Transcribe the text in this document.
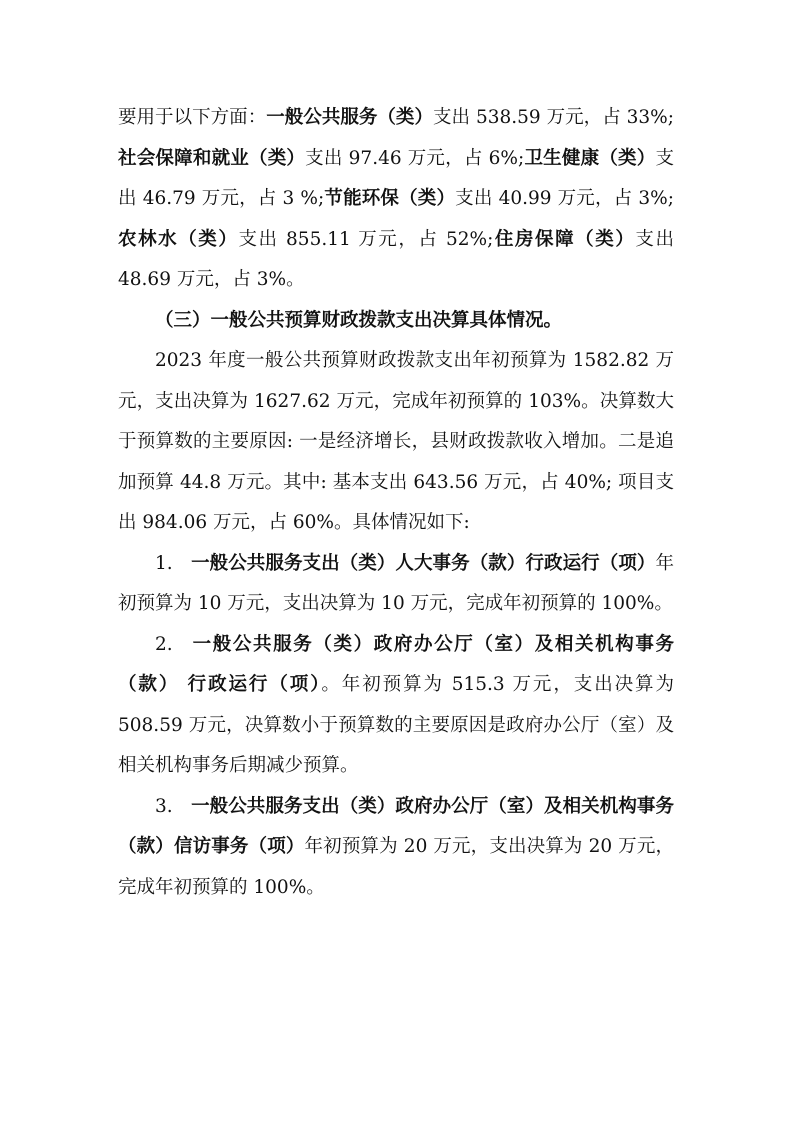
要用于以下方面：一般公共服务（类）支出 538.59 万元，占 33%;社会保障和就业（类）支出 97.46 万元，占 6%;卫生健康（类）支出 46.79 万元，占 3 %;节能环保（类）支出 40.99 万元，占 3%;农林水（类）支出 855.11 万元，占 52%;住房保障（类）支出 48.69 万元，占 3%。

（三）一般公共预算财政拨款支出决算具体情况。

2023 年度一般公共预算财政拨款支出年初预算为 1582.82 万元，支出决算为 1627.62 万元，完成年初预算的 103%。决算数大于预算数的主要原因: 一是经济增长，县财政拨款收入增加。二是追加预算 44.8 万元。其中: 基本支出 643.56 万元，占 40%; 项目支出 984.06 万元，占 60%。具体情况如下:

1. 一般公共服务支出（类）人大事务（款）行政运行（项）年初预算为 10 万元，支出决算为 10 万元，完成年初预算的 100%。

2. 一般公共服务（类）政府办公厅（室）及相关机构事务（款） 行政运行（项）。年初预算为 515.3 万元，支出决算为 508.59 万元，决算数小于预算数的主要原因是政府办公厅（室）及相关机构事务后期减少预算。

3. 一般公共服务支出（类）政府办公厅（室）及相关机构事务（款）信访事务（项）年初预算为 20 万元，支出决算为 20 万元，完成年初预算的 100%。
